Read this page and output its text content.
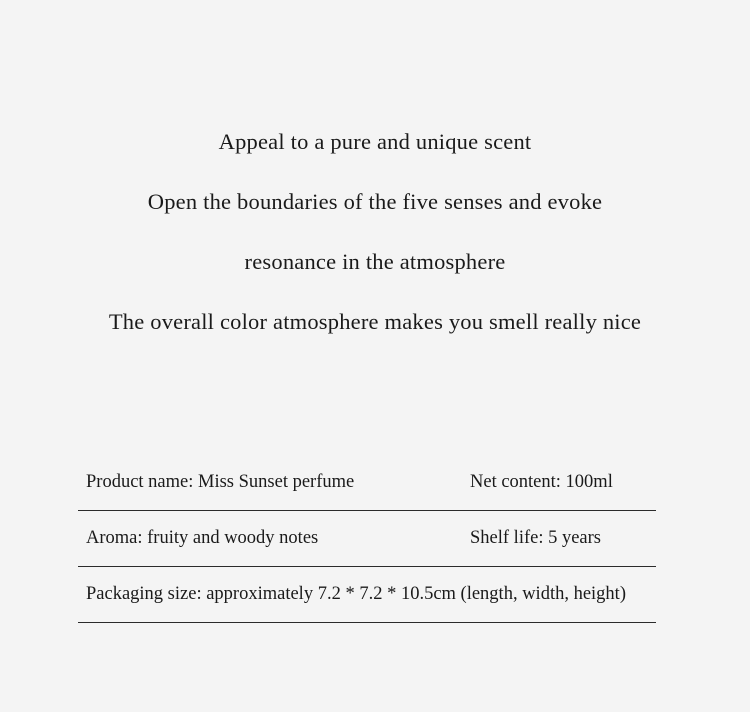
Appeal to a pure and unique scent
Open the boundaries of the five senses and evoke
resonance in the atmosphere
The overall color atmosphere makes you smell really nice
Product name: Miss Sunset perfume	Net content: 100ml
Aroma: fruity and woody notes	Shelf life: 5 years
Packaging size: approximately 7.2 * 7.2 * 10.5cm (length, width, height)
